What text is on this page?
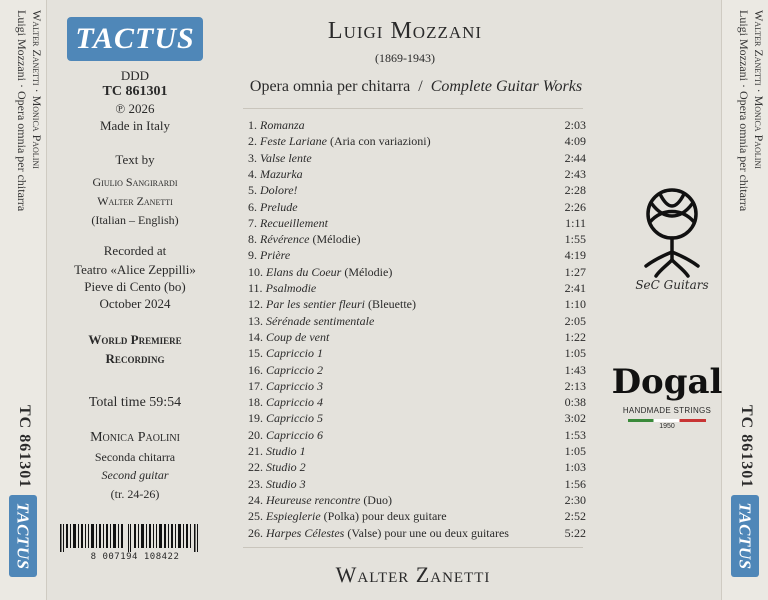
Luigi Mozzani · Opera omnia per chitarra Walter Zanetti · Monica Paolini
TC 861301
TACTUS
Luigi Mozzani · Opera omnia per chitarra Walter Zanetti · Monica Paolini
TC 861301
TACTUS
TACTUS
DDD
TC 861301
℗ 2026
Made in Italy
Text by
Giulio Sangirardi
Walter Zanetti
(Italian – English)
Recorded at
Teatro «Alice Zeppilli»
Pieve di Cento (bo)
October 2024
World Premiere
Recording
Total time 59:54
Monica Paolini
Seconda chitarra
Second guitar
(tr. 24-26)
8 007194 108422
Luigi Mozzani
(1869-1943)
Opera omnia per chitarra / Complete Guitar Works
1. Romanza	2:03
2. Feste Lariane (Aria con variazioni)	4:09
3. Valse lente	2:44
4. Mazurka	2:43
5. Dolore!	2:28
6. Prelude	2:26
7. Recueillement	1:11
8. Révérence (Mélodie)	1:55
9. Prière	4:19
10. Elans du Coeur (Mélodie)	1:27
11. Psalmodie	2:41
12. Par les sentier fleuri (Bleuette)	1:10
13. Sérénade sentimentale	2:05
14. Coup de vent	1:22
15. Capriccio 1	1:05
16. Capriccio 2	1:43
17. Capriccio 3	2:13
18. Capriccio 4	0:38
19. Capriccio 5	3:02
20. Capriccio 6	1:53
21. Studio 1	1:05
22. Studio 2	1:03
23. Studio 3	1:56
24. Heureuse rencontre (Duo)	2:30
25. Espieglerie (Polka) pour deux guitare	2:52
26. Harpes Célestes (Valse) pour une ou deux guitares	5:22
Walter Zanetti
SeC Guitars
Dogal
HANDMADE STRINGS
1950
